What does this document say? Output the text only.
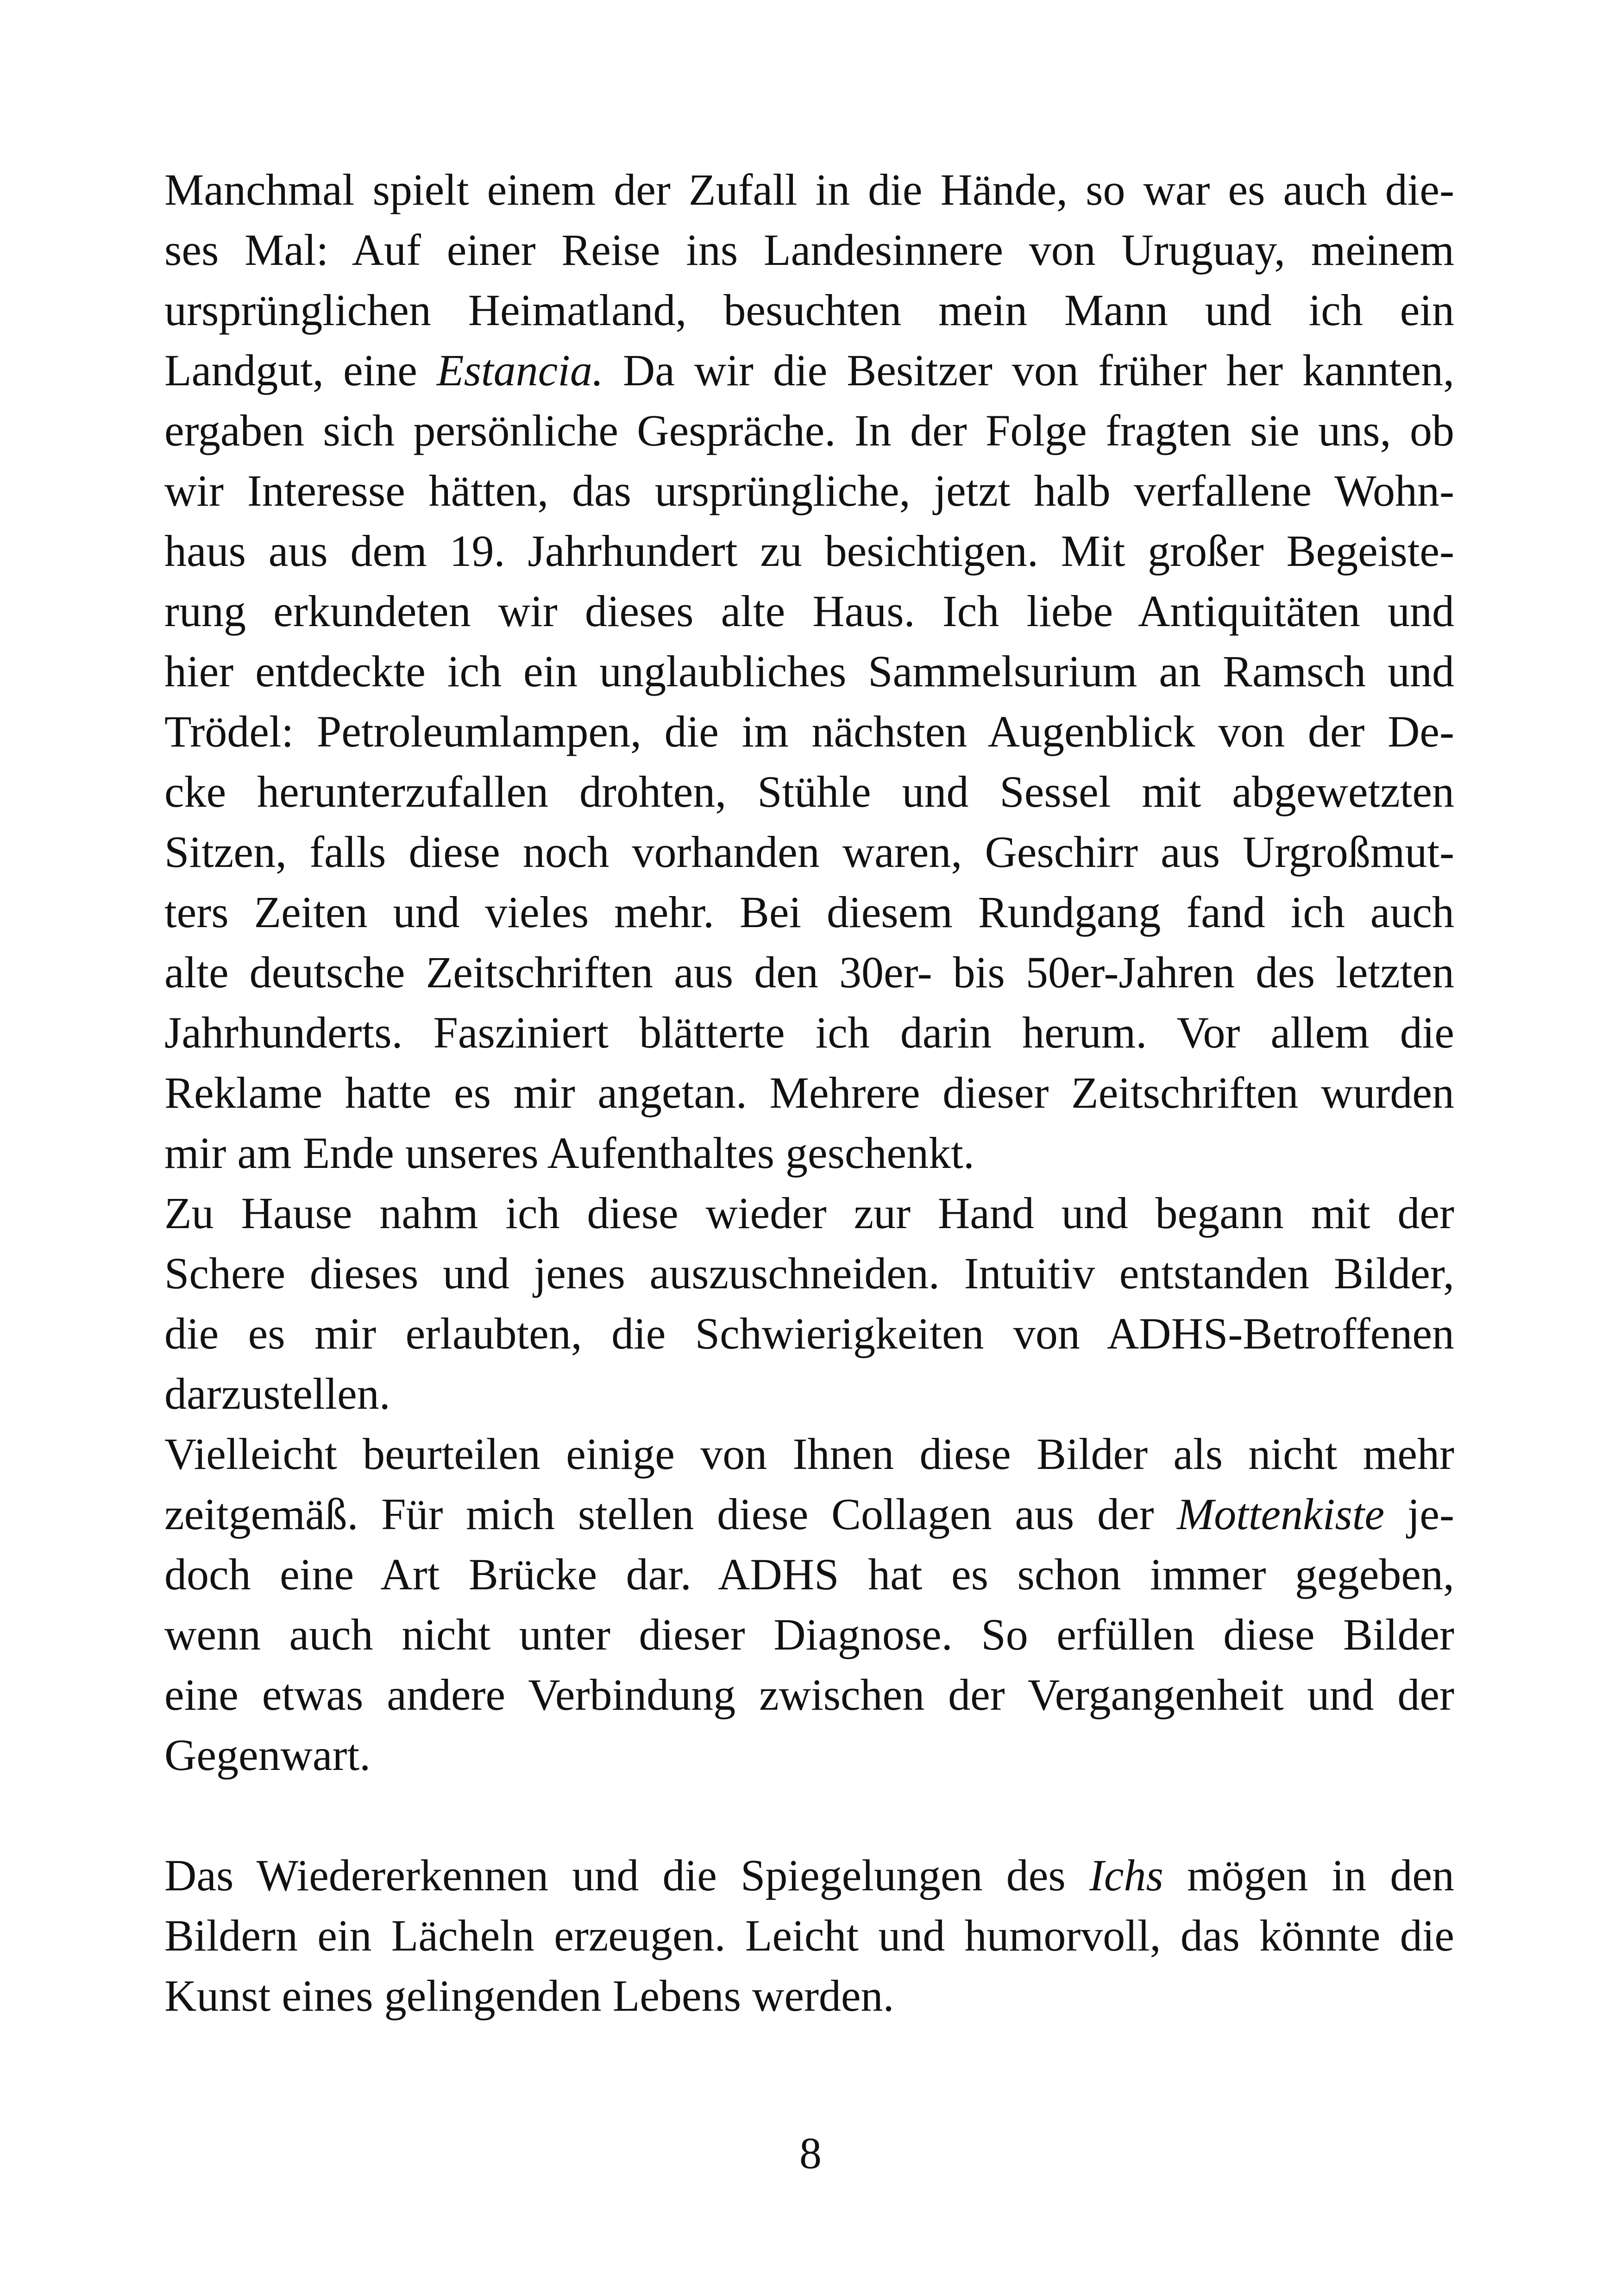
Manchmal spielt einem der Zufall in die Hände, so war es auch die-
ses Mal: Auf einer Reise ins Landesinnere von Uruguay, meinem
ursprünglichen Heimatland, besuchten mein Mann und ich ein
Landgut, eine Estancia. Da wir die Besitzer von früher her kannten,
ergaben sich persönliche Gespräche. In der Folge fragten sie uns, ob
wir Interesse hätten, das ursprüngliche, jetzt halb verfallene Wohn-
haus aus dem 19. Jahrhundert zu besichtigen. Mit großer Begeiste-
rung erkundeten wir dieses alte Haus. Ich liebe Antiquitäten und
hier entdeckte ich ein unglaubliches Sammelsurium an Ramsch und
Trödel: Petroleumlampen, die im nächsten Augenblick von der De-
cke herunterzufallen drohten, Stühle und Sessel mit abgewetzten
Sitzen, falls diese noch vorhanden waren, Geschirr aus Urgroßmut-
ters Zeiten und vieles mehr. Bei diesem Rundgang fand ich auch
alte deutsche Zeitschriften aus den 30er- bis 50er-Jahren des letzten
Jahrhunderts. Fasziniert blätterte ich darin herum. Vor allem die
Reklame hatte es mir angetan. Mehrere dieser Zeitschriften wurden
mir am Ende unseres Aufenthaltes geschenkt.
Zu Hause nahm ich diese wieder zur Hand und begann mit der
Schere dieses und jenes auszuschneiden. Intuitiv entstanden Bilder,
die es mir erlaubten, die Schwierigkeiten von ADHS-Betroffenen
darzustellen.
Vielleicht beurteilen einige von Ihnen diese Bilder als nicht mehr
zeitgemäß. Für mich stellen diese Collagen aus der Mottenkiste je-
doch eine Art Brücke dar. ADHS hat es schon immer gegeben,
wenn auch nicht unter dieser Diagnose. So erfüllen diese Bilder
eine etwas andere Verbindung zwischen der Vergangenheit und der
Gegenwart.
Das Wiedererkennen und die Spiegelungen des Ichs mögen in den
Bildern ein Lächeln erzeugen. Leicht und humorvoll, das könnte die
Kunst eines gelingenden Lebens werden.
8
